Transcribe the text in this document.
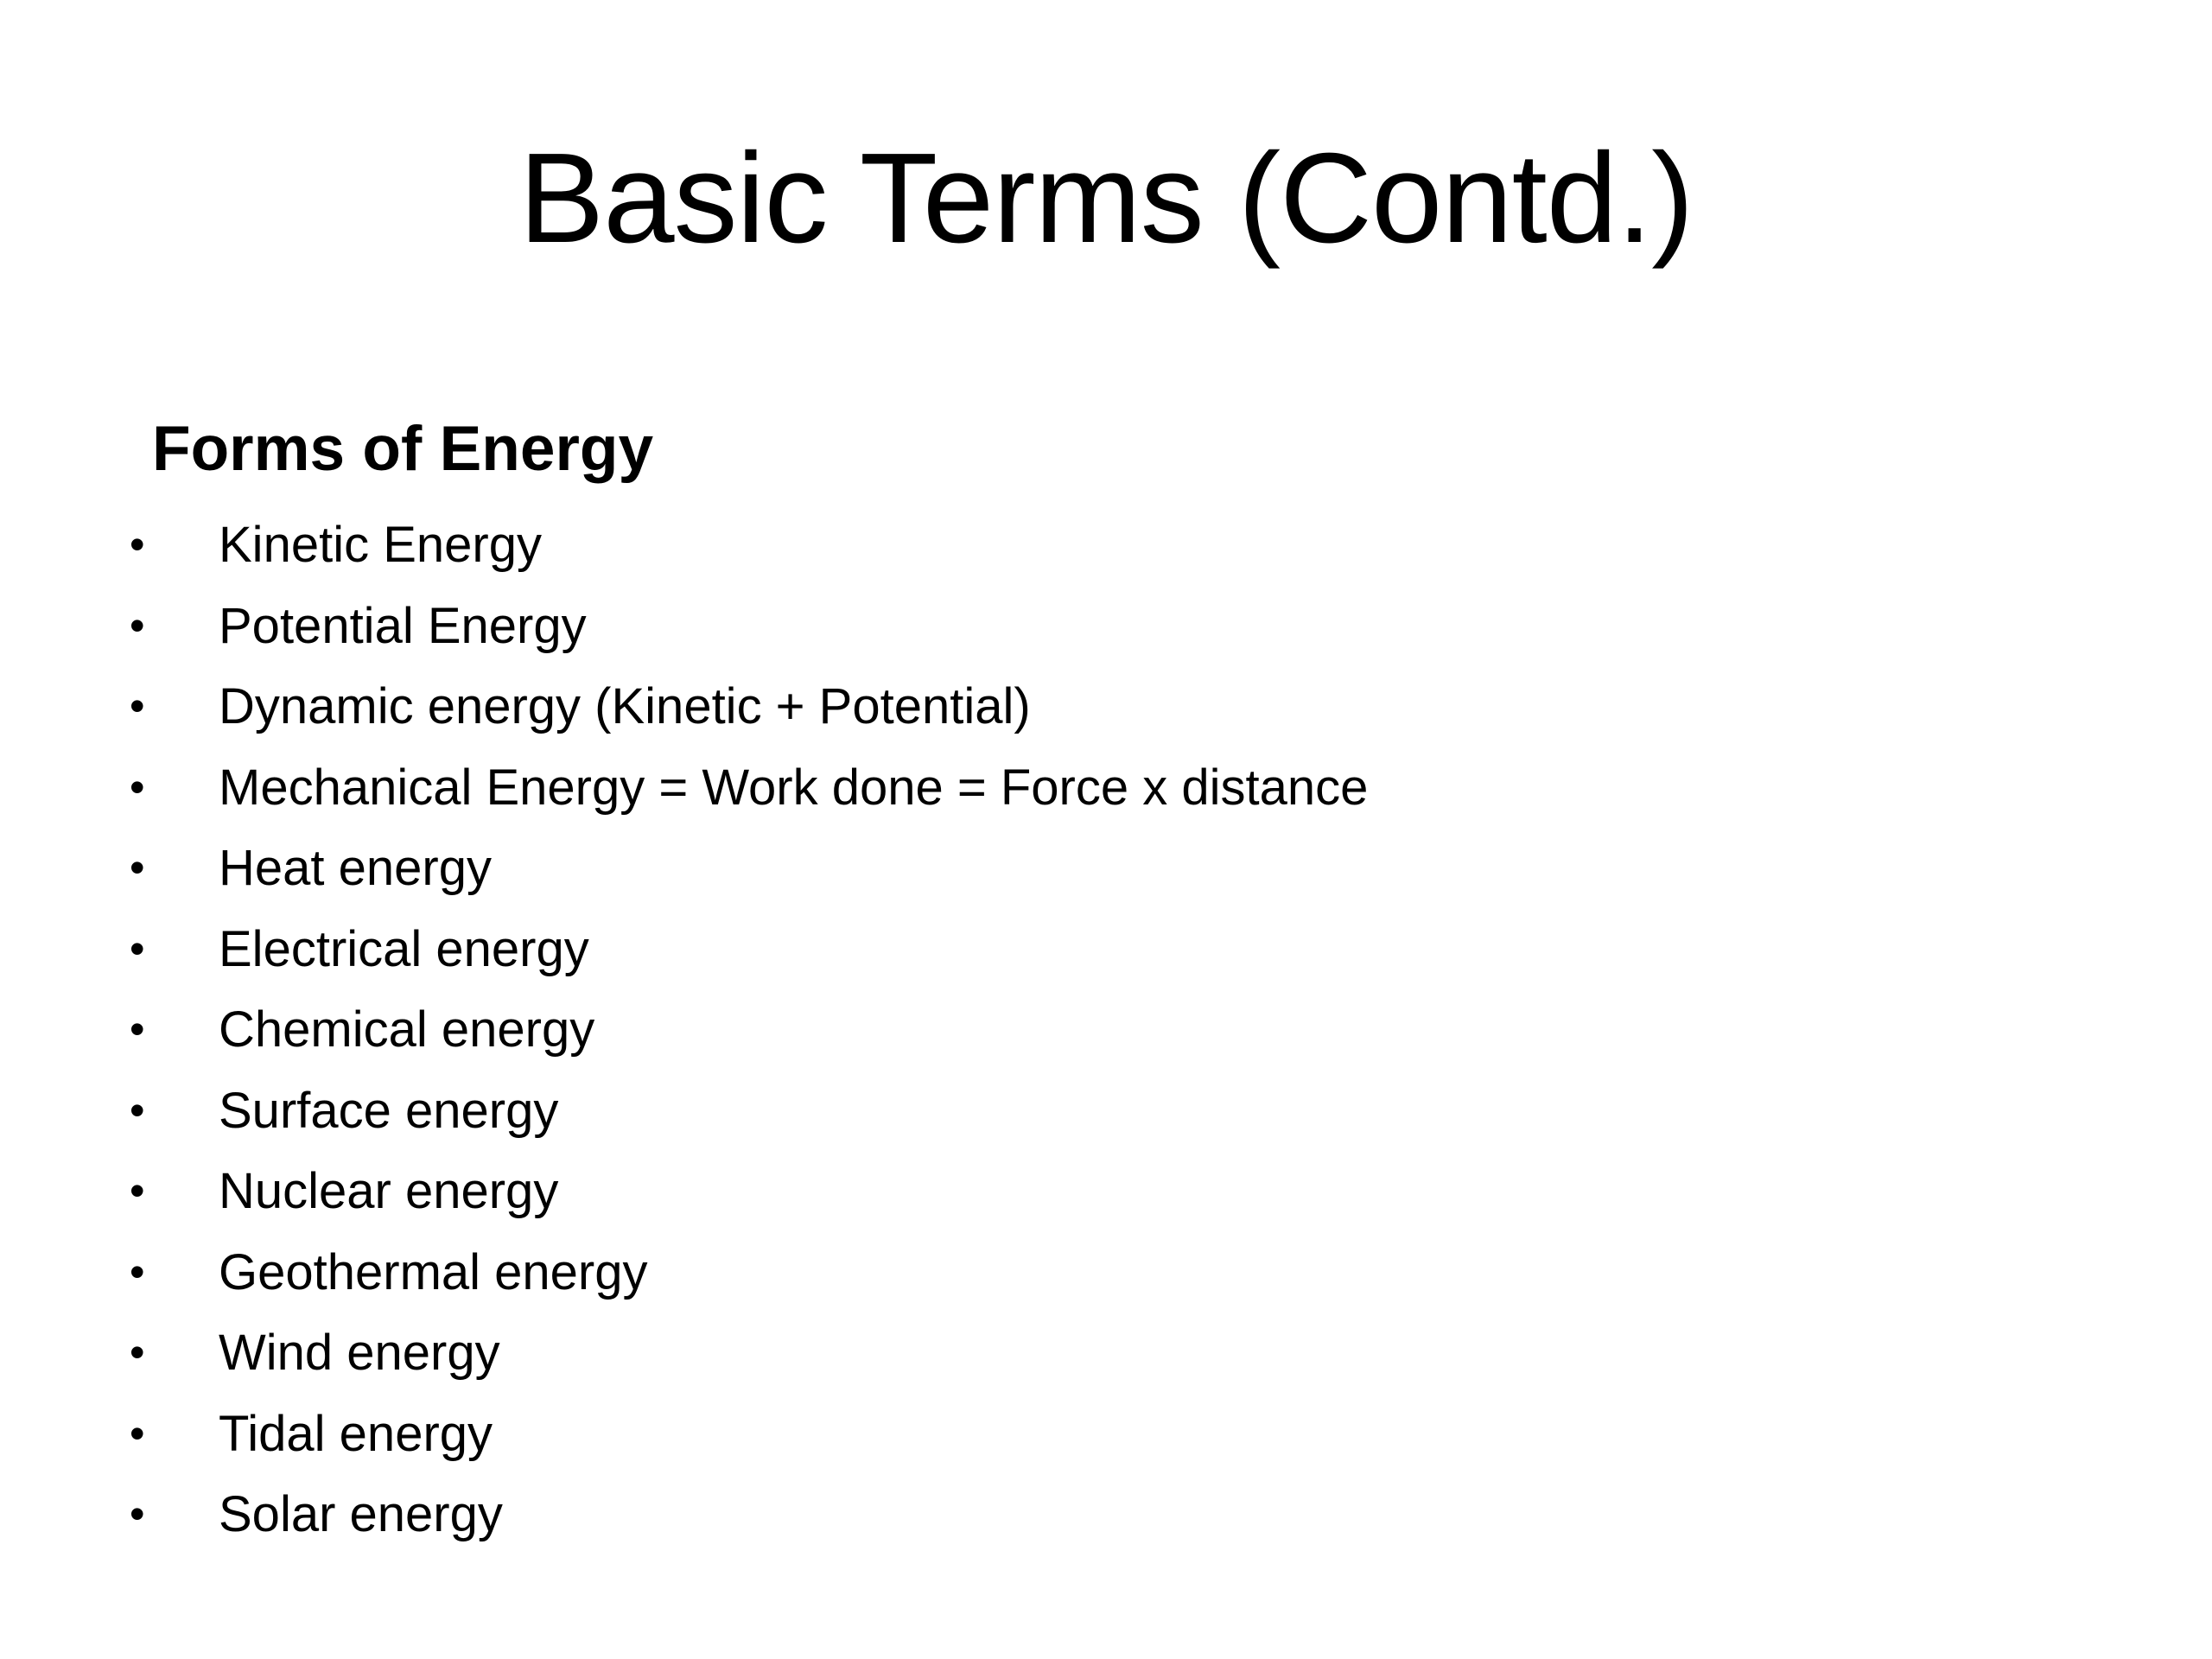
Basic Terms (Contd.)
Forms of Energy
•	Kinetic Energy
•	Potential Energy
•	Dynamic energy (Kinetic + Potential)
•	Mechanical Energy = Work done = Force x distance
•	Heat energy
•	Electrical energy
•	Chemical energy
•	Surface energy
•	Nuclear energy
•	Geothermal energy
•	Wind energy
•	Tidal energy
•	Solar energy
